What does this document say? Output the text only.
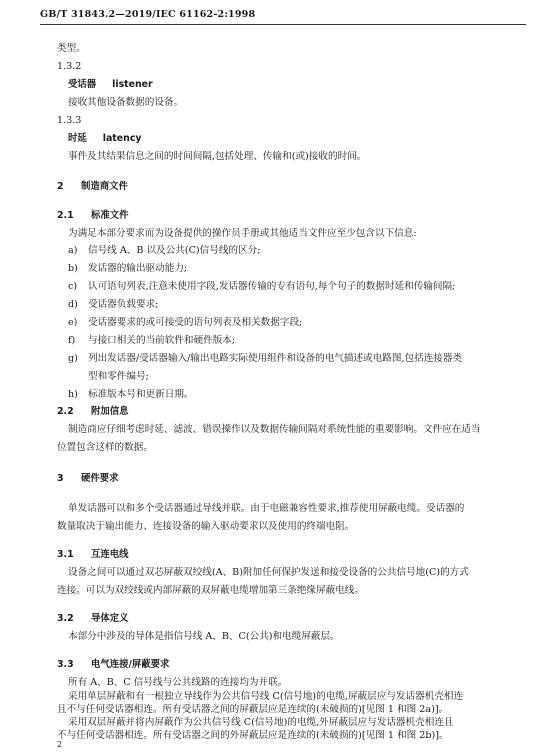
GB/T 31843.2—2019/IEC 61162-2:1998
类型。
1.3.2
受话器 listener
接收其他设备数据的设备。
1.3.3
时延 latency
事件及其结果信息之间的时间间隔,包括处理、传输和(或)接收的时间。
2 制造商文件
2.1 标准文件
为满足本部分要求而为设备提供的操作员手册或其他适当文件应至少包含以下信息:
a) 信号线 A、B 以及公共(C)信号线的区分;
b) 发话器的输出驱动能力;
c) 认可语句列表,注意未使用字段,发话器传输的专有语句,每个句子的数据时延和传输间隔;
d) 受话器负载要求;
e) 受话器要求的或可接受的语句列表及相关数据字段;
f) 与接口相关的当前软件和硬件版本;
g) 列出发话器/受话器输入/输出电路实际使用组件和设备的电气描述或电路图,包括连接器类
型和零件编号;
h) 标准版本号和更新日期。
2.2 附加信息
制造商应仔细考虑时延、滤波、错误操作以及数据传输间隔对系统性能的重要影响。文件应在适当
位置包含这样的数据。
3 硬件要求
单发话器可以和多个受话器通过导线并联。由于电磁兼容性要求,推荐使用屏蔽电缆。受话器的
数量取决于输出能力、连接设备的输入驱动要求以及使用的终端电阻。
3.1 互连电线
设备之间可以通过双芯屏蔽双绞线(A、B)附加任何保护发送和接受设备的公共信号地(C)的方式
连接。可以为双绞线或内部屏蔽的双屏蔽电缆增加第三条绝缘屏蔽电线。
3.2 导体定义
本部分中涉及的导体是指信号线 A、B、C(公共)和电缆屏蔽层。
3.3 电气连接/屏蔽要求
所有 A、B、C 信号线与公共线路的连接均为并联。
采用单层屏蔽和有一根独立导线作为公共信号线 C(信号地)的电缆,屏蔽层应与发话器机壳相连
且不与任何受话器相连。所有受话器之间的屏蔽层应是连续的(未破损的)[见图 1 和图 2a)]。
采用双层屏蔽并将内屏蔽作为公共信号线 C(信号地)的电缆,外屏蔽层应与发话器机壳相连且
不与任何受话器相连。所有受话器之间的外屏蔽层应是连续的(未破损的)[见图 1 和图 2b)]。
2
